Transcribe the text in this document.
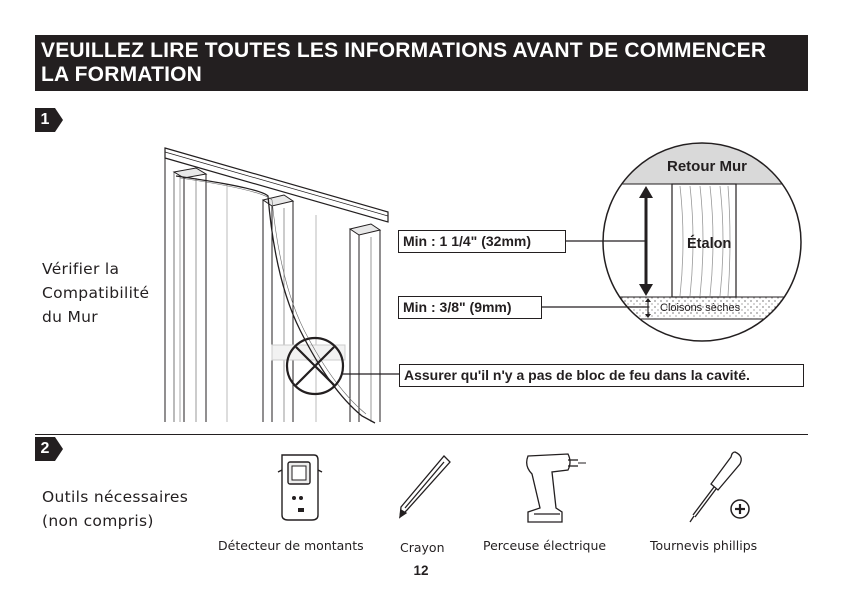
VEUILLEZ LIRE TOUTES LES INFORMATIONS AVANT DE COMMENCER
LA FORMATION
1
Vérifier la
Compatibilité
du Mur
Retour Mur
Étalon
Cloisons sèches
Min : 1 1/4" (32mm)
Min : 3/8" (9mm)
Assurer qu'il n'y a pas de bloc de feu dans la cavité.
2
Outils nécessaires
(non compris)
Détecteur de montants	Crayon	Perceuse électrique	Tournevis phillips
12
